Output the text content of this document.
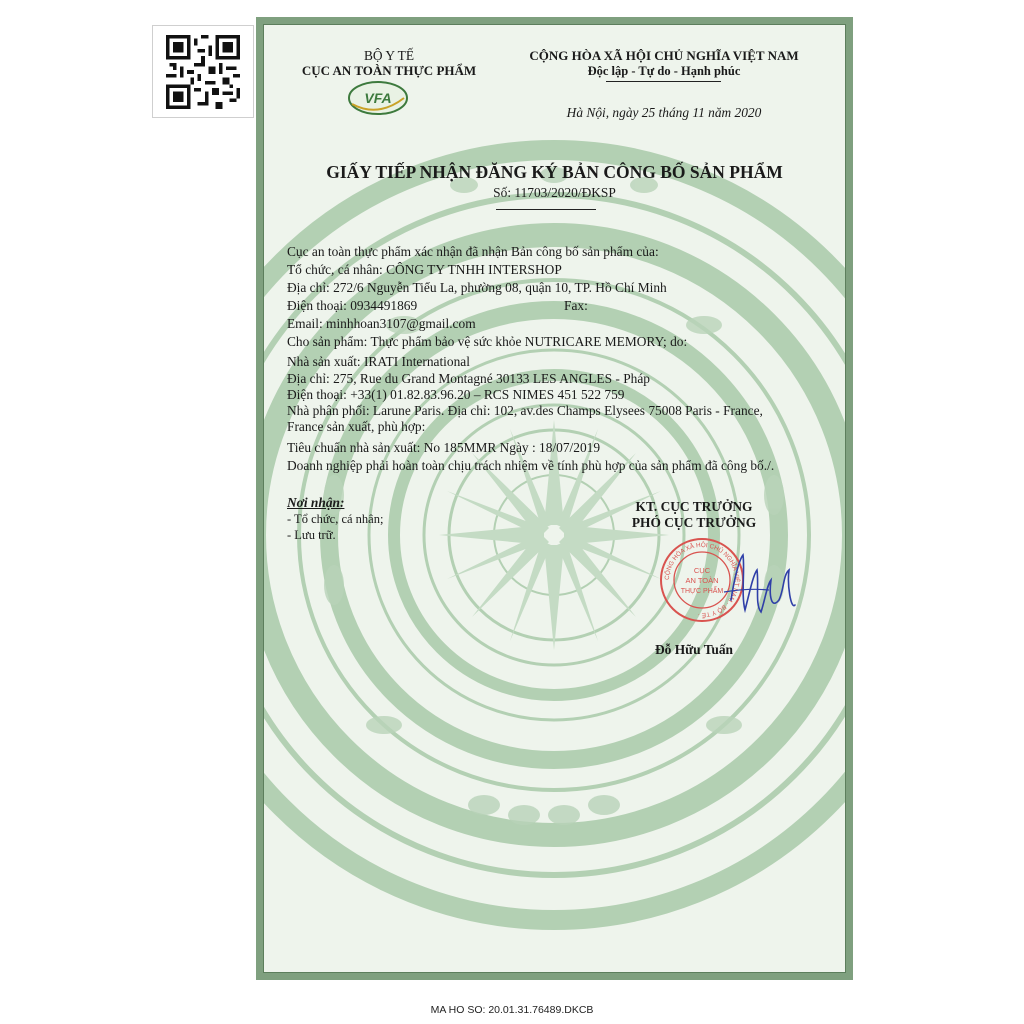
VFA
BỘ Y TẾ
CỤC AN TOÀN THỰC PHẨM
CỘNG HÒA XÃ HỘI CHỦ NGHĨA VIỆT NAM
Độc lập - Tự do - Hạnh phúc
Hà Nội, ngày 25 tháng 11 năm 2020
GIẤY TIẾP NHẬN ĐĂNG KÝ BẢN CÔNG BỐ SẢN PHẨM
Số: 11703/2020/ĐKSP
Cục an toàn thực phẩm xác nhận đã nhận Bản công bố sản phẩm của:
Tổ chức, cá nhân: CÔNG TY TNHH INTERSHOP
Địa chỉ: 272/6 Nguyễn Tiểu La, phường 08, quận 10, TP. Hồ Chí Minh
Điện thoại: 0934491869	Fax:
Email: minhhoan3107@gmail.com
Cho sản phẩm: Thực phẩm bảo vệ sức khỏe NUTRICARE MEMORY; do:
Nhà sản xuất: IRATI International
Địa chỉ: 275, Rue du Grand Montagné 30133 LES ANGLES - Pháp
Điện thoại: +33(1) 01.82.83.96.20 – RCS NIMES 451 522 759
Nhà phân phối: Larune Paris. Địa chỉ: 102, av.des Champs Elysees 75008 Paris - France,
France sản xuất, phù hợp:
Tiêu chuẩn nhà sản xuất: No 185MMR Ngày : 18/07/2019
Doanh nghiệp phải hoàn toàn chịu trách nhiệm về tính phù hợp của sản phẩm đã công bố./.
Nơi nhận:
- Tổ chức, cá nhân;
- Lưu trữ.
KT. CỤC TRƯỞNG
PHÓ CỤC TRƯỞNG
CỘNG HÒA XÃ HỘI CHỦ NGHĨA VIỆT NAM · BỘ Y TẾ ·
CỤC
AN TOÀN
THỰC PHẨM
Đỗ Hữu Tuấn
MA HO SO: 20.01.31.76489.DKCB
